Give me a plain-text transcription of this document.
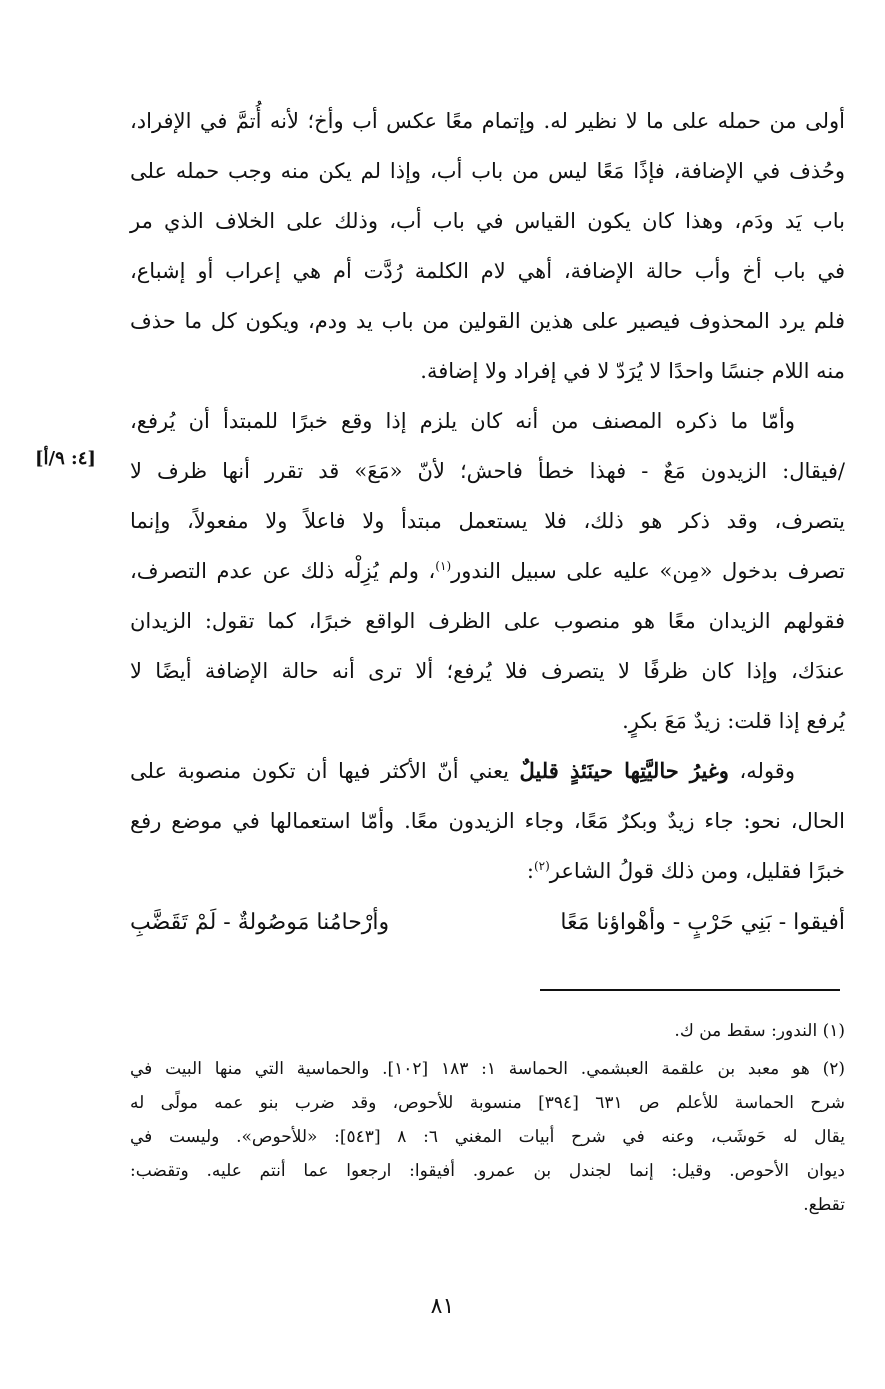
أولى من حمله على ما لا نظير له. وإتمام معًا عكس أب وأخ؛ لأنه أُتمَّ في الإفراد،
وحُذف في الإضافة، فإذًا مَعًا ليس من باب أب، وإذا لم يكن منه وجب حمله على
باب يَد ودَم، وهذا كان يكون القياس في باب أب، وذلك على الخلاف الذي مر
في باب أخ وأب حالة الإضافة، أهي لام الكلمة رُدَّت أم هي إعراب أو إشباع،
فلم يرد المحذوف فيصير على هذين القولين من باب يد ودم، ويكون كل ما حذف
منه اللام جنسًا واحدًا لا يُرَدّ لا في إفراد ولا إضافة.

وأمّا ما ذكره المصنف من أنه كان يلزم إذا وقع خبرًا للمبتدأ أن يُرفع،
/فيقال: الزيدون مَعٌ - فهذا خطأ فاحش؛ لأنّ «مَعَ» قد تقرر أنها ظرف لا
يتصرف، وقد ذكر هو ذلك، فلا يستعمل مبتدأ ولا فاعلاً ولا مفعولاً، وإنما
تصرف بدخول «مِن» عليه على سبيل الندور$^{(١)}$، ولم يُزِلْه ذلك عن عدم التصرف،
فقولهم الزيدان معًا هو منصوب على الظرف الواقع خبرًا، كما تقول: الزيدان
عندَك، وإذا كان ظرفًا لا يتصرف فلا يُرفع؛ ألا ترى أنه حالة الإضافة أيضًا لا
يُرفع إذا قلت: زيدٌ مَعَ بكرٍ.

وقوله، وغيرُ حاليَّتِها حينَئذٍ قليلٌ يعني أنّ الأكثر فيها أن تكون منصوبة على
الحال، نحو: جاء زيدٌ وبكرٌ مَعًا، وجاء الزيدون معًا. وأمّا استعمالها في موضع رفع
خبرًا فقليل، ومن ذلك قولُ الشاعر$^{(٢)}$:

[٤: ٩/أ]
أفيقوا - بَنِي حَرْبٍ - وأهْواؤنا مَعًا
وأرْحامُنا مَوصُولةٌ - لَمْ تَقَضَّبِ

(١) الندور: سقط من ك.

(٢) هو معبد بن علقمة العبشمي. الحماسة ١: ١٨٣ [١٠٢]. والحماسية التي منها البيت في
شرح الحماسة للأعلم ص ٦٣١ [٣٩٤] منسوبة للأحوص، وقد ضرب بنو عمه مولًى له
يقال له حَوشَب، وعنه في شرح أبيات المغني ٦: ٨ [٥٤٣]: «للأحوص». وليست في
ديوان الأحوص. وقيل: إنما لجندل بن عمرو. أفيقوا: ارجعوا عما أنتم عليه. وتقضب:
تقطع.

٨١
